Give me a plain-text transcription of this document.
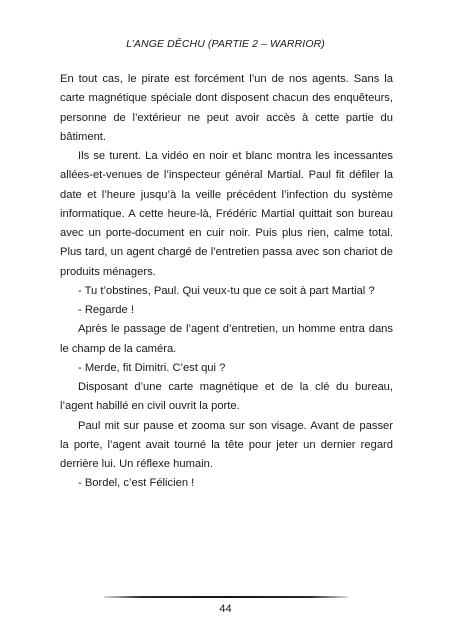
L’ANGE DÊCHU (PARTIE 2 – WARRIOR)

En tout cas, le pirate est forcément l’un de nos agents. Sans la carte magnétique spéciale dont disposent chacun des enquêteurs, personne de l’extérieur ne peut avoir accès à cette partie du bâtiment.

Ils se turent. La vidéo en noir et blanc montra les incessantes allées-et-venues de l’inspecteur général Martial. Paul fit défiler la date et l’heure jusqu’à la veille précédent l’infection du système informatique. A cette heure-là, Frédéric Martial quittait son bureau avec un porte-document en cuir noir. Puis plus rien, calme total. Plus tard, un agent chargé de l’entretien passa avec son chariot de produits ménagers.

- Tu t’obstines, Paul. Qui veux-tu que ce soit à part Martial ?

- Regarde !

Après le passage de l’agent d’entretien, un homme entra dans le champ de la caméra.

- Merde, fit Dimitri. C’est qui ?

Disposant d’une carte magnétique et de la clé du bureau, l’agent habillé en civil ouvrit la porte.

Paul mit sur pause et zooma sur son visage. Avant de passer la porte, l’agent avait tourné la tête pour jeter un dernier regard derrière lui. Un réflexe humain.

- Bordel, c’est Félicien !

44
